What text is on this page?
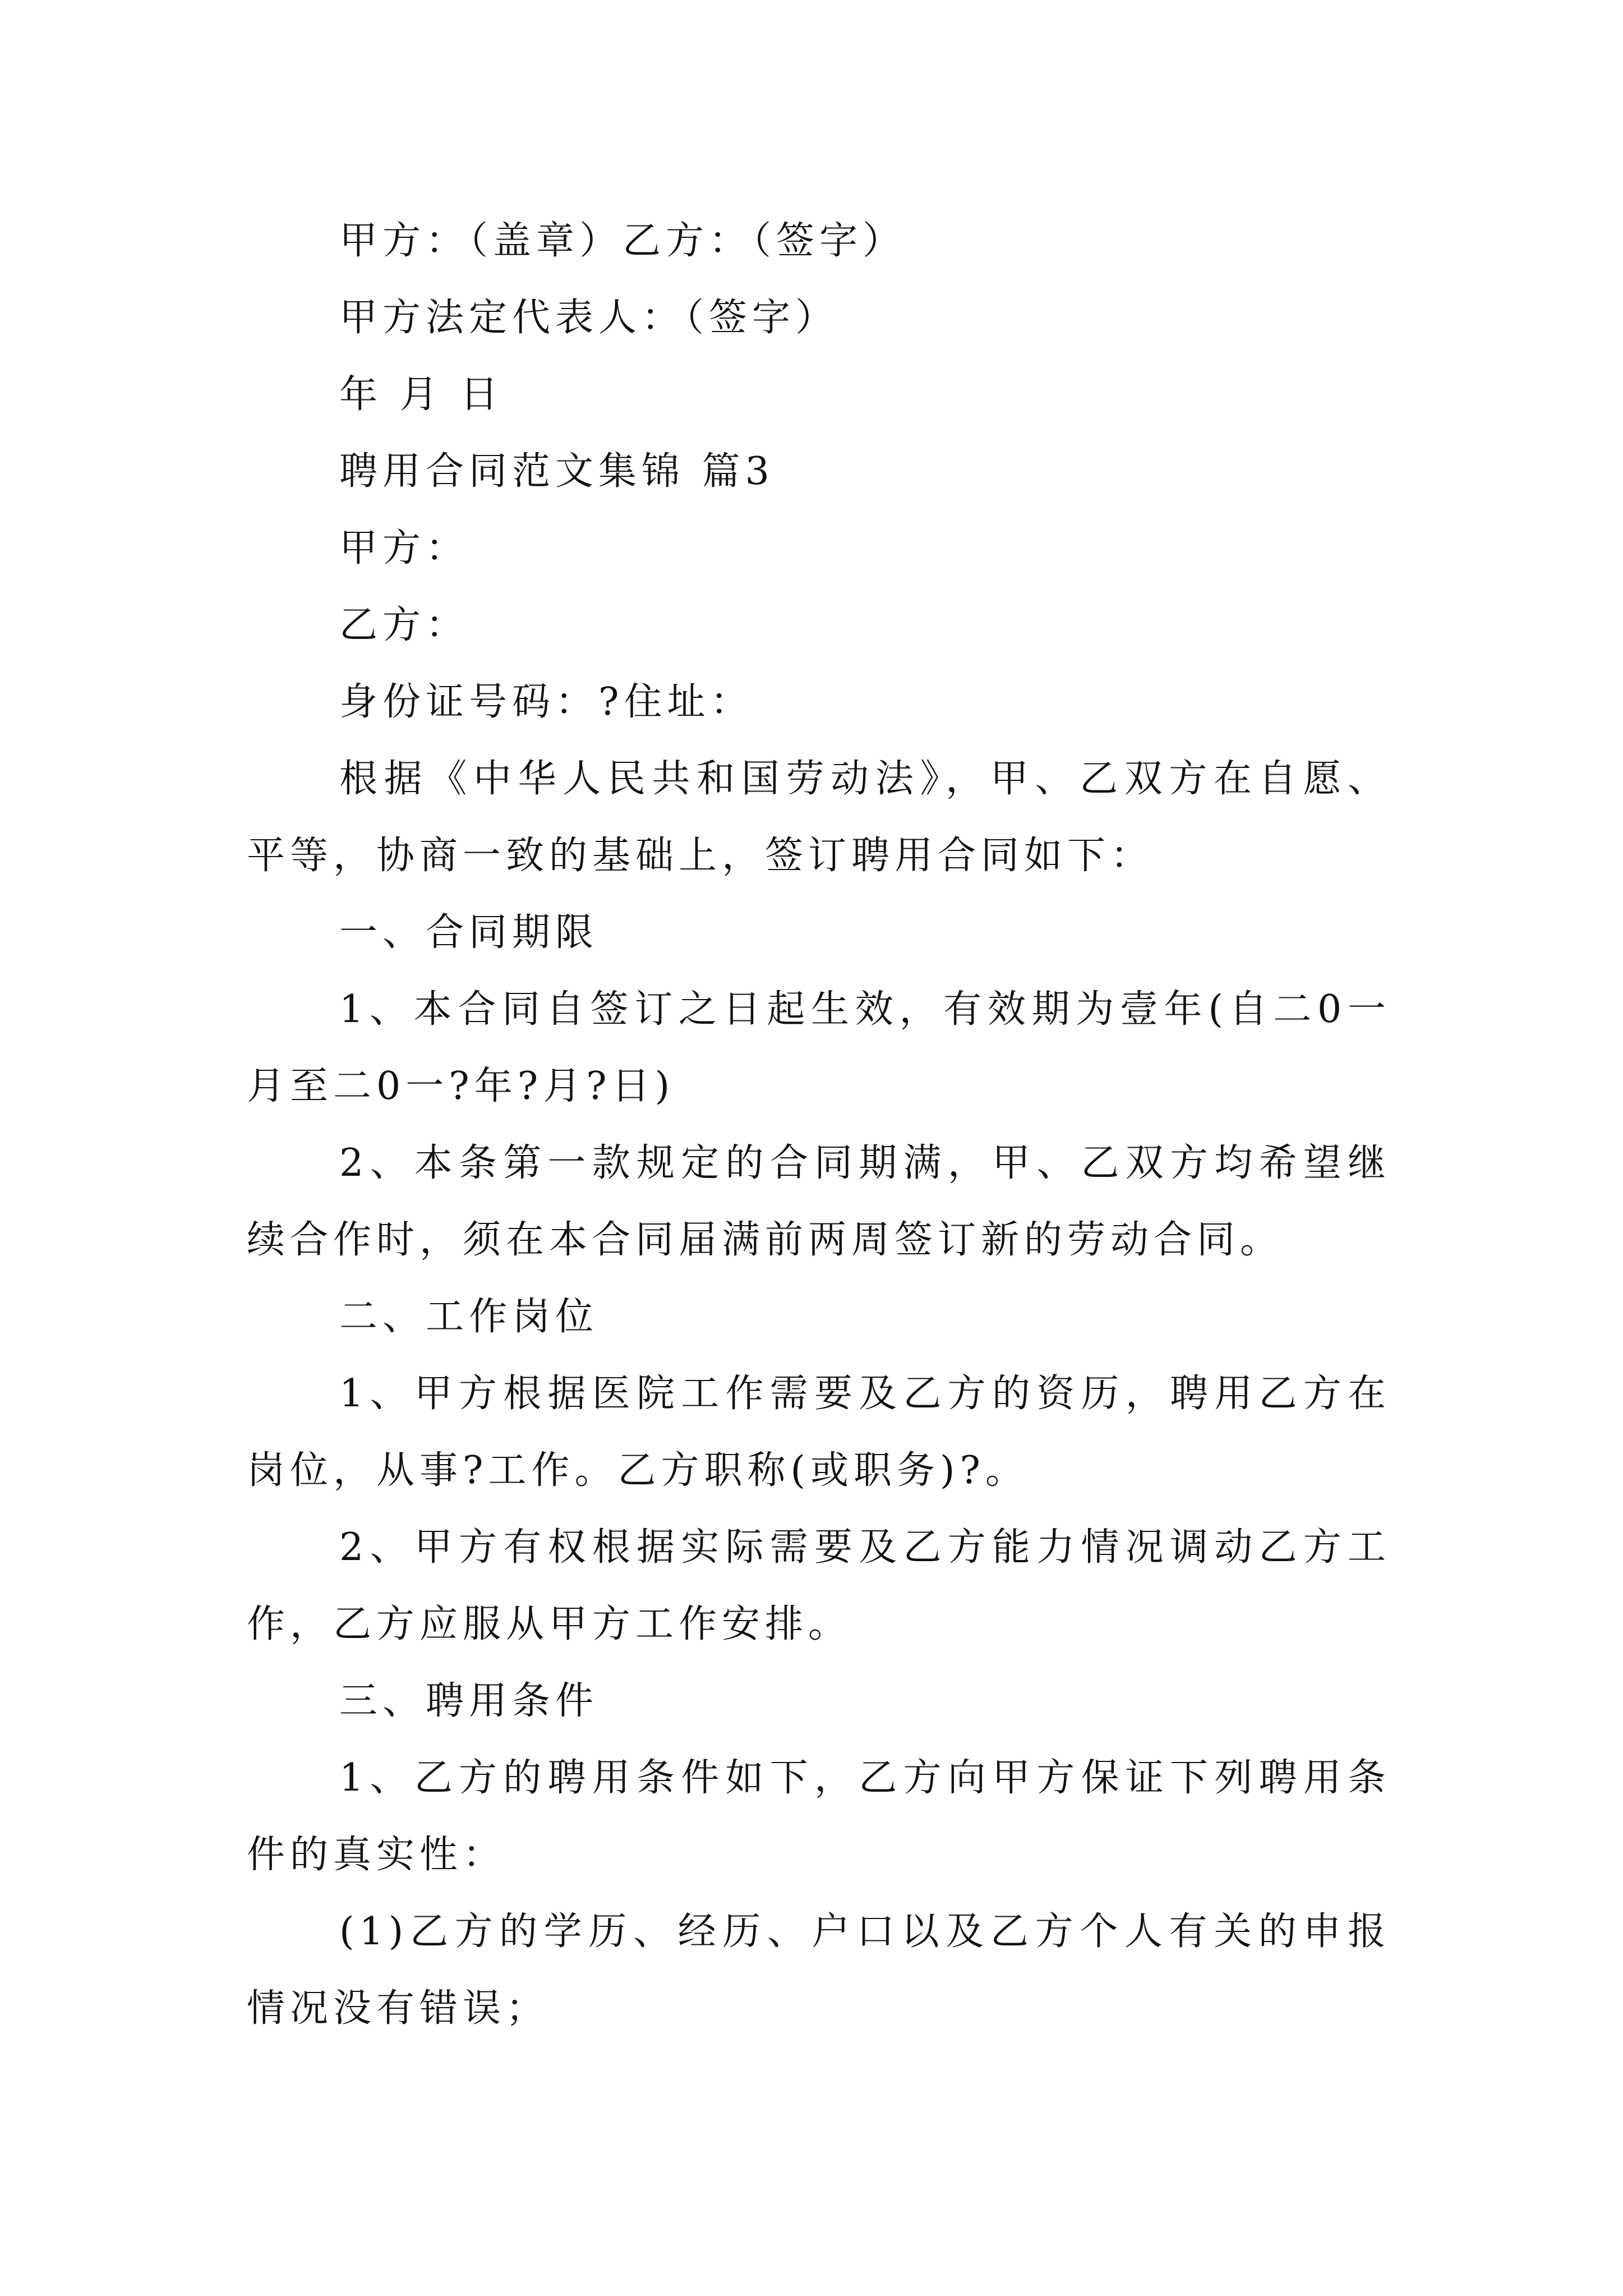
甲方：（盖章）乙方：（签字）
甲方法定代表人：（签字）
年 月 日
聘用合同范文集锦 篇3
甲方：
乙方：
身份证号码：?住址：
根据《中华人民共和国劳动法》，甲、乙双方在自愿、
平等，协商一致的基础上，签订聘用合同如下：
一、合同期限
1、本合同自签订之日起生效，有效期为壹年(自二0一
月至二0一?年?月?日)
2、本条第一款规定的合同期满，甲、乙双方均希望继
续合作时，须在本合同届满前两周签订新的劳动合同。
二、工作岗位
1、甲方根据医院工作需要及乙方的资历，聘用乙方在
岗位，从事?工作。乙方职称(或职务)?。
2、甲方有权根据实际需要及乙方能力情况调动乙方工
作，乙方应服从甲方工作安排。
三、聘用条件
1、乙方的聘用条件如下，乙方向甲方保证下列聘用条
件的真实性：
(1)乙方的学历、经历、户口以及乙方个人有关的申报
情况没有错误；
